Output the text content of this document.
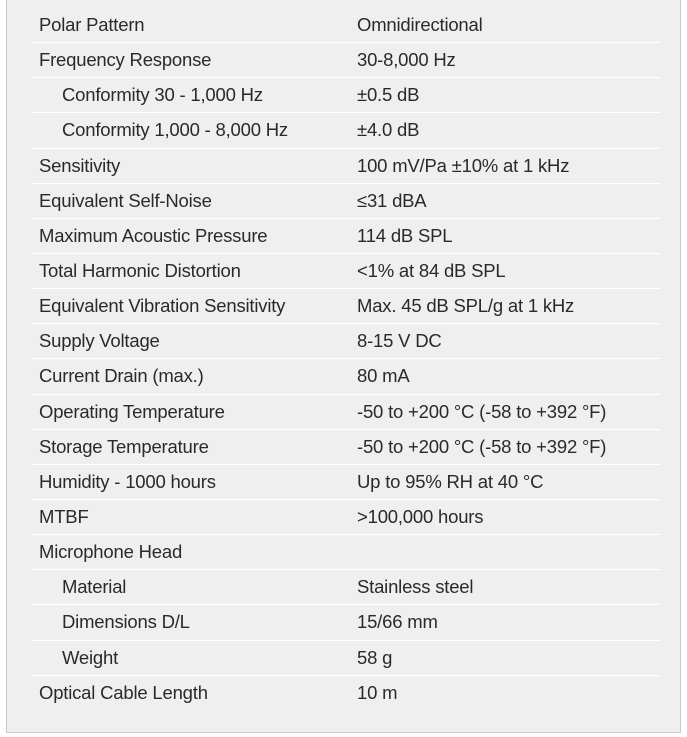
Polar Pattern	Omnidirectional
Frequency Response	30-8,000 Hz
Conformity 30 - 1,000 Hz	±0.5 dB
Conformity 1,000 - 8,000 Hz	±4.0 dB
Sensitivity	100 mV/Pa ±10% at 1 kHz
Equivalent Self-Noise	≤31 dBA
Maximum Acoustic Pressure	114 dB SPL
Total Harmonic Distortion	<1% at 84 dB SPL
Equivalent Vibration Sensitivity	Max. 45 dB SPL/g at 1 kHz
Supply Voltage	8-15 V DC
Current Drain (max.)	80 mA
Operating Temperature	-50 to +200 °C (-58 to +392 °F)
Storage Temperature	-50 to +200 °C (-58 to +392 °F)
Humidity - 1000 hours	Up to 95% RH at 40 °C
MTBF	>100,000 hours
Microphone Head
Material	Stainless steel
Dimensions D/L	15/66 mm
Weight	58 g
Optical Cable Length	10 m
